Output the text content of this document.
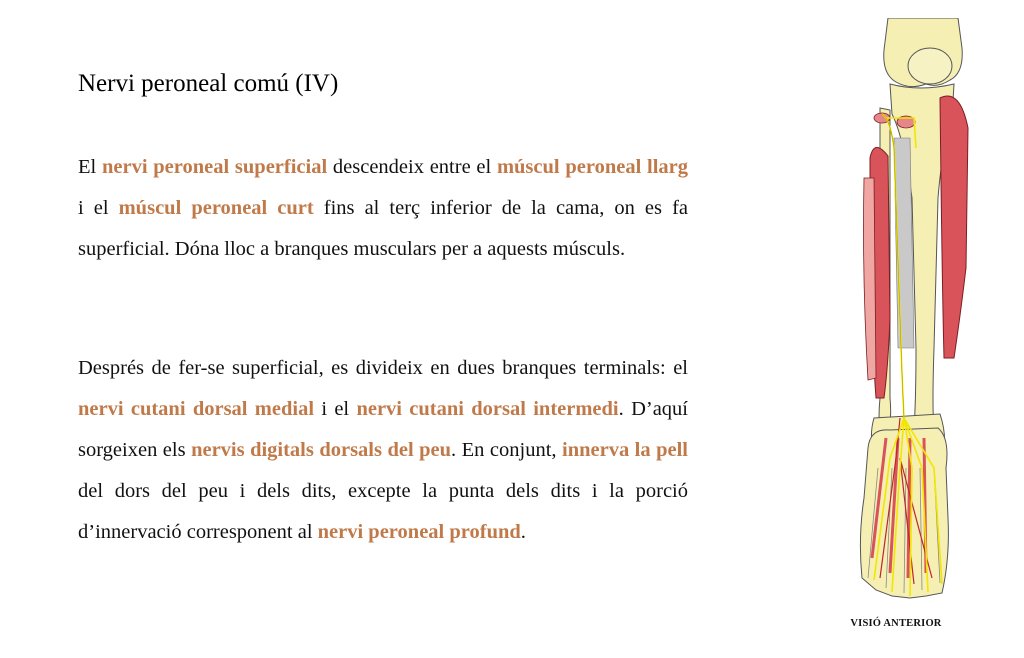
Nervi peroneal comú (IV)

El nervi peroneal superficial descendeix entre el múscul peroneal llarg i el múscul peroneal curt fins al terç inferior de la cama, on es fa superficial. Dóna lloc a branques musculars per a aquests músculs.

Després de fer-se superficial, es divideix en dues branques terminals: el nervi cutani dorsal medial i el nervi cutani dorsal intermedi. D’aquí sorgeixen els nervis digitals dorsals del peu. En conjunt, innerva la pell del dors del peu i dels dits, excepte la punta dels dits i la porció d’innervació corresponent al nervi peroneal profund.

VISIÓ ANTERIOR
